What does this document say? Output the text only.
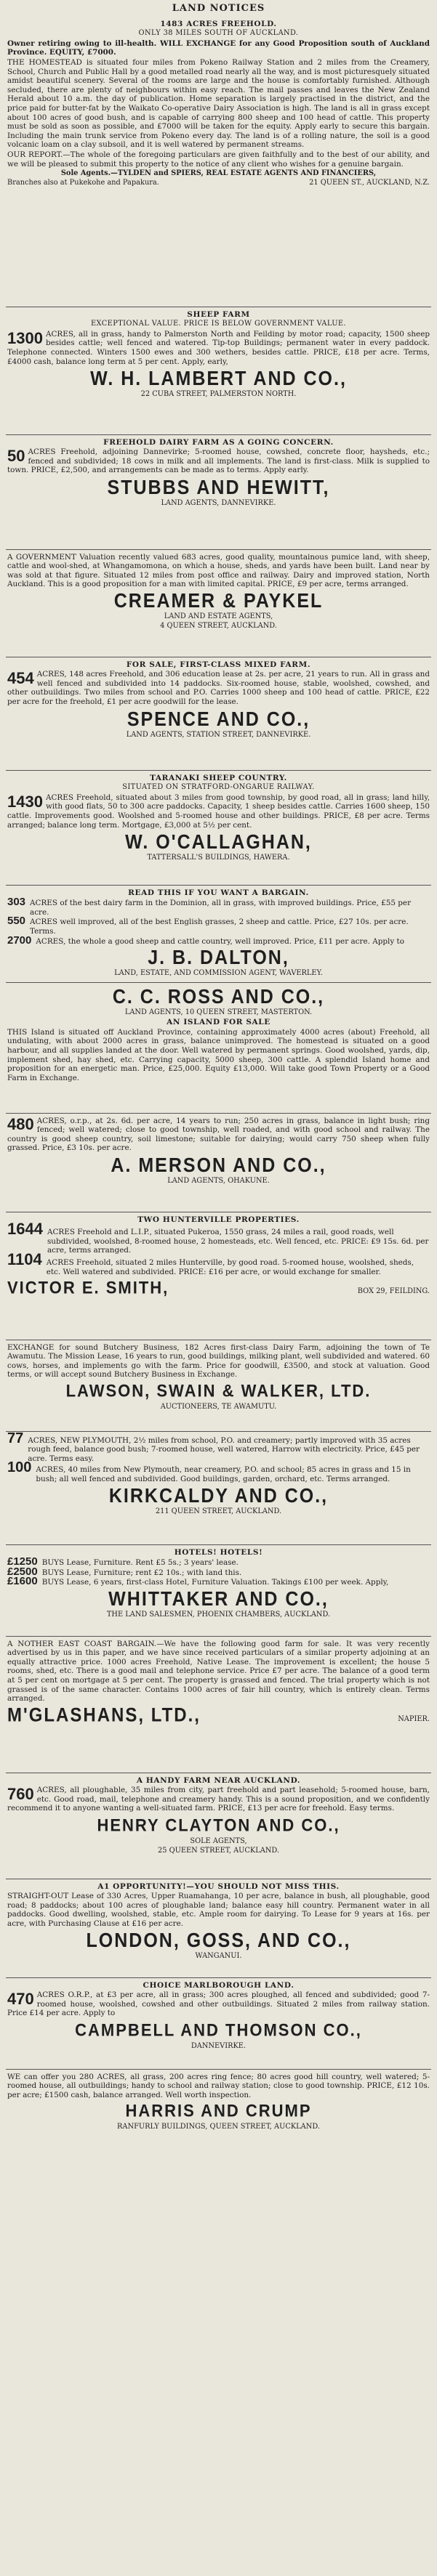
LAND NOTICES
1483 ACRES FREEHOLD.
ONLY 38 MILES SOUTH OF AUCKLAND.
Owner retiring owing to ill-health. WILL EXCHANGE for any Good Proposition south of Auckland Province. EQUITY, £7000.
THE HOMESTEAD is situated four miles from Pokeno Railway Station and 2 miles from the Creamery, School, Church and Public Hall by a good metalled road nearly all the way, and is most picturesquely situated amidst beautiful scenery. Several of the rooms are large and the house is comfortably furnished. Although secluded, there are plenty of neighbours within easy reach. The mail passes and leaves the New Zealand Herald about 10 a.m. the day of publication. Home separation is largely practised in the district, and the price paid for butter-fat by the Waikato Co-operative Dairy Association is high. The land is all in grass except about 100 acres of good bush, and is capable of carrying 800 sheep and 100 head of cattle. This property must be sold as soon as possible, and £7000 will be taken for the equity. Apply early to secure this bargain. Including the main trunk service from Pokeno every day. The land is of a rolling nature, the soil is a good volcanic loam on a clay subsoil, and it is well watered by permanent streams.
OUR REPORT.—The whole of the foregoing particulars are given faithfully and to the best of our ability, and we will be pleased to submit this property to the notice of any client who wishes for a genuine bargain.
Sole Agents.—TYLDEN and SPIERS, REAL ESTATE AGENTS AND FINANCIERS,
Branches also at Pukekohe and Papakura.	21 QUEEN ST., AUCKLAND, N.Z.
SHEEP FARM
EXCEPTIONAL VALUE. PRICE IS BELOW GOVERNMENT VALUE.
1300 ACRES, all in grass, handy to Palmerston North and Feilding by motor road; capacity, 1500 sheep besides cattle; well fenced and watered. Tip-top Buildings; permanent water in every paddock. Telephone connected. Winters 1500 ewes and 300 wethers, besides cattle. PRICE, £18 per acre. Terms, £4000 cash, balance long term at 5 per cent. Apply, early,
W. H. LAMBERT AND CO.,
22 CUBA STREET, PALMERSTON NORTH.
FREEHOLD DAIRY FARM AS A GOING CONCERN.
50 ACRES Freehold, adjoining Dannevirke; 5-roomed house, cowshed, concrete floor, haysheds, etc.; fenced and subdivided; 18 cows in milk and all implements. The land is first-class. Milk is supplied to town. PRICE, £2,500, and arrangements can be made as to terms. Apply early.
STUBBS AND HEWITT,
LAND AGENTS, DANNEVIRKE.
A GOVERNMENT Valuation recently valued 683 acres, good quality, mountainous pumice land, with sheep, cattle and wool-shed, at Whangamomona, on which a house, sheds, and yards have been built. Land near by was sold at that figure. Situated 12 miles from post office and railway. Dairy and improved station, North Auckland. This is a good proposition for a man with limited capital. PRICE, £9 per acre, terms arranged.
CREAMER & PAYKEL
LAND AND ESTATE AGENTS,
4 QUEEN STREET, AUCKLAND.
FOR SALE, FIRST-CLASS MIXED FARM.
454 ACRES, 148 acres Freehold, and 306 education lease at 2s. per acre, 21 years to run. All in grass and well fenced and subdivided into 14 paddocks. Six-roomed house, stable, woolshed, cowshed, and other outbuildings. Two miles from school and P.O. Carries 1000 sheep and 100 head of cattle. PRICE, £22 per acre for the freehold, £1 per acre goodwill for the lease.
SPENCE AND CO.,
LAND AGENTS, STATION STREET, DANNEVIRKE.
TARANAKI SHEEP COUNTRY.
SITUATED ON STRATFORD-ONGARUE RAILWAY.
1430 ACRES Freehold, situated about 3 miles from good township, by good road, all in grass; land hilly, with good flats, 50 to 300 acre paddocks. Capacity, 1 sheep besides cattle. Carries 1600 sheep, 150 cattle. Improvements good. Woolshed and 5-roomed house and other buildings. PRICE, £8 per acre. Terms arranged; balance long term. Mortgage, £3,000 at 5½ per cent.
W. O'CALLAGHAN,
TATTERSALL'S BUILDINGS, HAWERA.
READ THIS IF YOU WANT A BARGAIN.
303 ACRES of the best dairy farm in the Dominion, all in grass, with improved buildings. Price, £55 per acre.
550 ACRES well improved, all of the best English grasses, 2 sheep and cattle. Price, £27 10s. per acre. Terms.
2700 ACRES, the whole a good sheep and cattle country, well improved. Price, £11 per acre. Apply to
J. B. DALTON,
LAND, ESTATE, AND COMMISSION AGENT, WAVERLEY.
C. C. ROSS AND CO.,
LAND AGENTS, 10 QUEEN STREET, MASTERTON.
AN ISLAND FOR SALE
THIS Island is situated off Auckland Province, containing approximately 4000 acres (about) Freehold, all undulating, with about 2000 acres in grass, balance unimproved. The homestead is situated on a good harbour, and all supplies landed at the door. Well watered by permanent springs. Good woolshed, yards, dip, implement shed, hay shed, etc. Carrying capacity, 5000 sheep, 300 cattle. A splendid Island home and proposition for an energetic man. Price, £25,000. Equity £13,000. Will take good Town Property or a Good Farm in Exchange.
480 ACRES, o.r.p., at 2s. 6d. per acre, 14 years to run; 250 acres in grass, balance in light bush; ring fenced; well watered; close to good township, well roaded, and with good school and railway. The country is good sheep country, soil limestone; suitable for dairying; would carry 750 sheep when fully grassed. Price, £3 10s. per acre.
A. MERSON AND CO.,
LAND AGENTS, OHAKUNE.
TWO HUNTERVILLE PROPERTIES.
1644 ACRES Freehold and L.I.P., situated Pukeroa, 1550 grass, 24 miles a rail, good roads, well subdivided, woolshed, 8-roomed house, 2 homesteads, etc. Well fenced, etc. PRICE: £9 15s. 6d. per acre, terms arranged.
1104 ACRES Freehold, situated 2 miles Hunterville, by good road. 5-roomed house, woolshed, sheds, etc. Well watered and subdivided. PRICE: £16 per acre, or would exchange for smaller.
VICTOR E. SMITH,	BOX 29, FEILDING.
EXCHANGE for sound Butchery Business, 182 Acres first-class Dairy Farm, adjoining the town of Te Awamutu. The Mission Lease, 16 years to run, good buildings, milking plant, well subdivided and watered. 60 cows, horses, and implements go with the farm. Price for goodwill, £3500, and stock at valuation. Good terms, or will accept sound Butchery Business in Exchange.
LAWSON, SWAIN & WALKER, LTD.
AUCTIONEERS, TE AWAMUTU.
77 ACRES, NEW PLYMOUTH, 2½ miles from school, P.O. and creamery; partly improved with 35 acres rough feed, balance good bush; 7-roomed house, well watered, Harrow with electricity. Price, £45 per acre. Terms easy.
100 ACRES, 40 miles from New Plymouth, near creamery, P.O. and school; 85 acres in grass and 15 in bush; all well fenced and subdivided. Good buildings, garden, orchard, etc. Terms arranged.
KIRKCALDY AND CO.,
211 QUEEN STREET, AUCKLAND.
HOTELS! HOTELS!
£1250 BUYS Lease, Furniture. Rent £5 5s.; 3 years' lease.
£2500 BUYS Lease, Furniture; rent £2 10s.; with land this.
£1600 BUYS Lease, 6 years, first-class Hotel, Furniture Valuation. Takings £100 per week. Apply,
WHITTAKER AND CO.,
THE LAND SALESMEN, PHOENIX CHAMBERS, AUCKLAND.
A NOTHER EAST COAST BARGAIN.—We have the following good farm for sale. It was very recently advertised by us in this paper, and we have since received particulars of a similar property adjoining at an equally attractive price. 1000 acres Freehold, Native Lease. The improvement is excellent; the house 5 rooms, shed, etc. There is a good mail and telephone service. Price £7 per acre. The balance of a good term at 5 per cent on mortgage at 5 per cent. The property is grassed and fenced. The trial property which is not grassed is of the same character. Contains 1000 acres of fair hill country, which is entirely clean. Terms arranged.
M'GLASHANS, LTD.,	NAPIER.
A HANDY FARM NEAR AUCKLAND.
760 ACRES, all ploughable, 35 miles from city, part freehold and part leasehold; 5-roomed house, barn, etc. Good road, mail, telephone and creamery handy. This is a sound proposition, and we confidently recommend it to anyone wanting a well-situated farm. PRICE, £13 per acre for freehold. Easy terms.
HENRY CLAYTON AND CO.,
SOLE AGENTS,
25 QUEEN STREET, AUCKLAND.
A1 OPPORTUNITY!—YOU SHOULD NOT MISS THIS.
STRAIGHT-OUT Lease of 330 Acres, Upper Ruamahanga, 10 per acre, balance in bush, all ploughable, good road; 8 paddocks; about 100 acres of ploughable land; balance easy hill country. Permanent water in all paddocks. Good dwelling, woolshed, stable, etc. Ample room for dairying. To Lease for 9 years at 16s. per acre, with Purchasing Clause at £16 per acre.
LONDON, GOSS, AND CO.,
WANGANUI.
CHOICE MARLBOROUGH LAND.
470 ACRES O.R.P., at £3 per acre, all in grass; 300 acres ploughed, all fenced and subdivided; good 7-roomed house, woolshed, cowshed and other outbuildings. Situated 2 miles from railway station. Price £14 per acre. Apply to
CAMPBELL AND THOMSON CO.,
DANNEVIRKE.
WE can offer you 280 ACRES, all grass, 200 acres ring fence; 80 acres good hill country, well watered; 5-roomed house, all outbuildings; handy to school and railway station; close to good township. PRICE, £12 10s. per acre; £1500 cash, balance arranged. Well worth inspection.
HARRIS AND CRUMP
RANFURLY BUILDINGS, QUEEN STREET, AUCKLAND.
